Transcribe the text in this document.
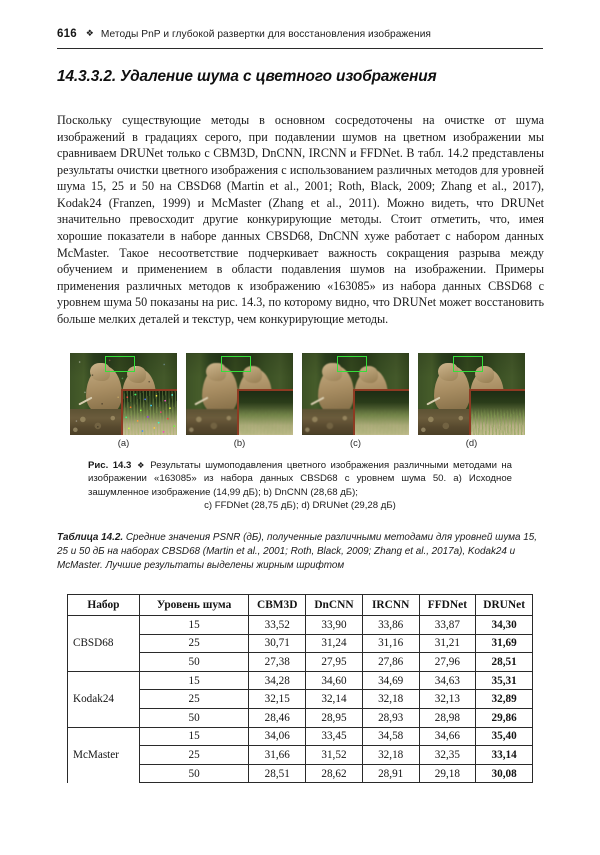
616 ❖ Методы PnP и глубокой развертки для восстановления изображения
14.3.3.2. Удаление шума с цветного изображения

Поскольку существующие методы в основном сосредоточены на очистке от шума изображений в градациях серого, при подавлении шумов на цветном изображении мы сравниваем DRUNet только с CBM3D, DnCNN, IRCNN и FFDNet. В табл. 14.2 представлены результаты очистки цветного изображения с использованием различных методов для уровней шума 15, 25 и 50 на CBSD68 (Martin et al., 2001; Roth, Black, 2009; Zhang et al., 2017), Kodak24 (Franzen, 1999) и McMaster (Zhang et al., 2011). Можно видеть, что DRUNet значительно превосходит другие конкурирующие методы. Стоит отметить, что, имея хорошие показатели в наборе данных CBSD68, DnCNN хуже работает с набором данных McMaster. Такое несоответствие подчеркивает важность сокращения разрыва между обучением и применением в области подавления шумов на изображении. Примеры применения различных методов к изображению «163085» из набора данных CBSD68 с уровнем шума 50 показаны на рис. 14.3, по которому видно, что DRUNet может восстановить больше мелких деталей и текстур, чем конкурирующие методы.

(a)	(b)	(c)	(d)
Рис. 14.3 ❖ Результаты шумоподавления цветного изображения различными методами на изображении «163085» из набора данных CBSD68 с уровнем шума 50. a) Исходное зашумленное изображение (14,99 дБ); b) DnCNN (28,68 дБ);
c) FFDNet (28,75 дБ); d) DRUNet (29,28 дБ)
Таблица 14.2. Средние значения PSNR (дБ), полученные различными методами для уровней шума 15, 25 и 50 дБ на наборах CBSD68 (Martin et al., 2001; Roth, Black, 2009; Zhang et al., 2017a), Kodak24 и McMaster. Лучшие результаты выделены жирным шрифтом
Набор	Уровень шума	CBM3D	DnCNN	IRCNN	FFDNet	DRUNet
CBSD68	15	33,52	33,90	33,86	33,87	34,30
	25	30,71	31,24	31,16	31,21	31,69
	50	27,38	27,95	27,86	27,96	28,51
Kodak24	15	34,28	34,60	34,69	34,63	35,31
	25	32,15	32,14	32,18	32,13	32,89
	50	28,46	28,95	28,93	28,98	29,86
McMaster	15	34,06	33,45	34,58	34,66	35,40
	25	31,66	31,52	32,18	32,35	33,14
	50	28,51	28,62	28,91	29,18	30,08
